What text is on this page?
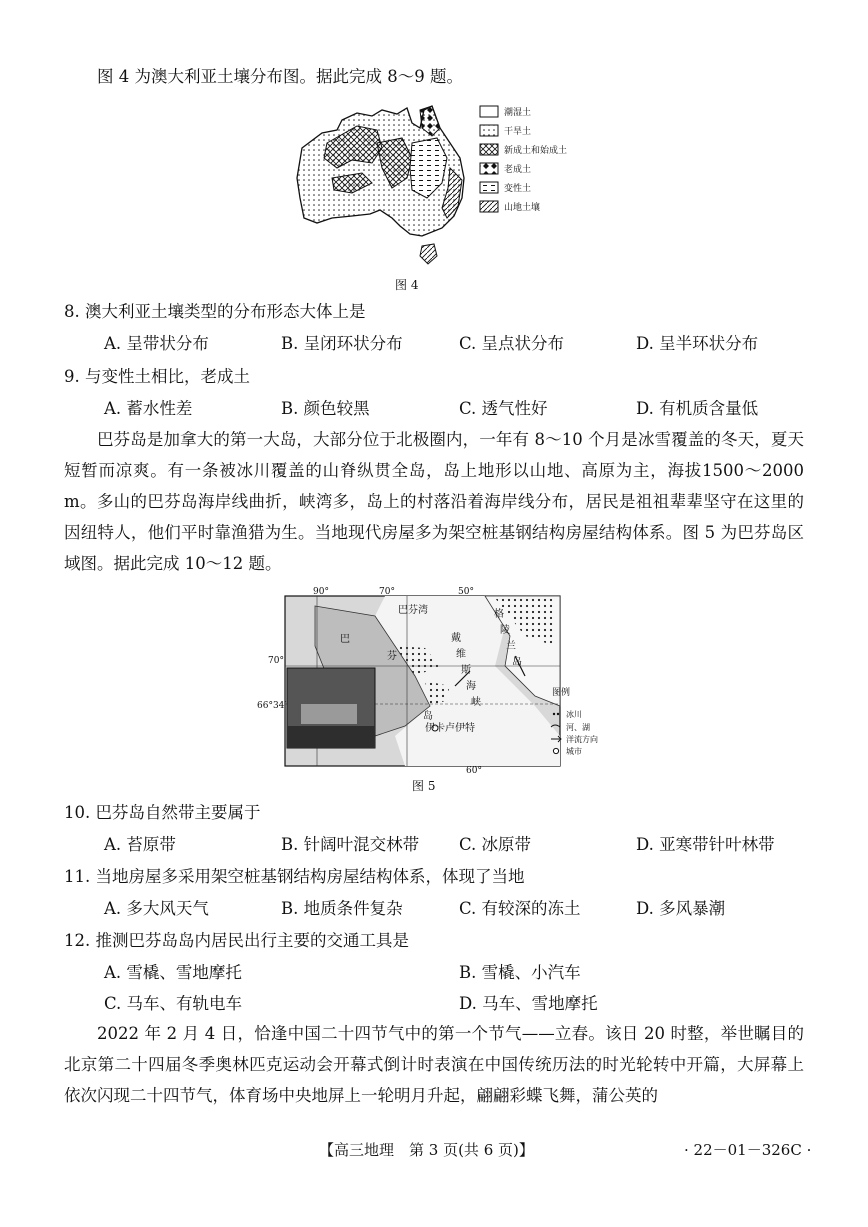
图 4 为澳大利亚土壤分布图。据此完成 8～9 题。
潮湿土
干旱土
新成土和始成土
老成土
变性土
山地土壤
图 4
8. 澳大利亚土壤类型的分布形态大体上是
A. 呈带状分布	B. 呈闭环状分布	C. 呈点状分布	D. 呈半环状分布
9. 与变性土相比，老成土
A. 蓄水性差	B. 颜色较黑	C. 透气性好	D. 有机质含量低
巴芬岛是加拿大的第一大岛，大部分位于北极圈内，一年有 8～10 个月是冰雪覆盖的冬天，夏天短暂而凉爽。有一条被冰川覆盖的山脊纵贯全岛，岛上地形以山地、高原为主，海拔1500～2000 m。多山的巴芬岛海岸线曲折，峡湾多，岛上的村落沿着海岸线分布，居民是祖祖辈辈坚守在这里的因纽特人，他们平时靠渔猎为生。当地现代房屋多为架空桩基钢结构房屋结构体系。图 5 为巴芬岛区域图。据此完成 10～12 题。
90°	70°	50°
60°
70°
66°34′
巴芬湾	格
陵
兰
岛
巴
芬
戴
维
斯
海
峡
岛
伊卡卢伊特
图例
冰川
河、湖
洋流方向
城市
图 5
10. 巴芬岛自然带主要属于
A. 苔原带	B. 针阔叶混交林带 C. 冰原带	D. 亚寒带针叶林带
11. 当地房屋多采用架空桩基钢结构房屋结构体系，体现了当地
A. 多大风天气	B. 地质条件复杂	C. 有较深的冻土	D. 多风暴潮
12. 推测巴芬岛岛内居民出行主要的交通工具是
A. 雪橇、雪地摩托	B. 雪橇、小汽车
C. 马车、有轨电车	D. 马车、雪地摩托
2022 年 2 月 4 日，恰逢中国二十四节气中的第一个节气——立春。该日 20 时整，举世瞩目的北京第二十四届冬季奥林匹克运动会开幕式倒计时表演在中国传统历法的时光轮转中开篇，大屏幕上依次闪现二十四节气，体育场中央地屏上一轮明月升起，翩翩彩蝶飞舞，蒲公英的
【高三地理　第 3 页(共 6 页)】	· 22－01－326C ·
